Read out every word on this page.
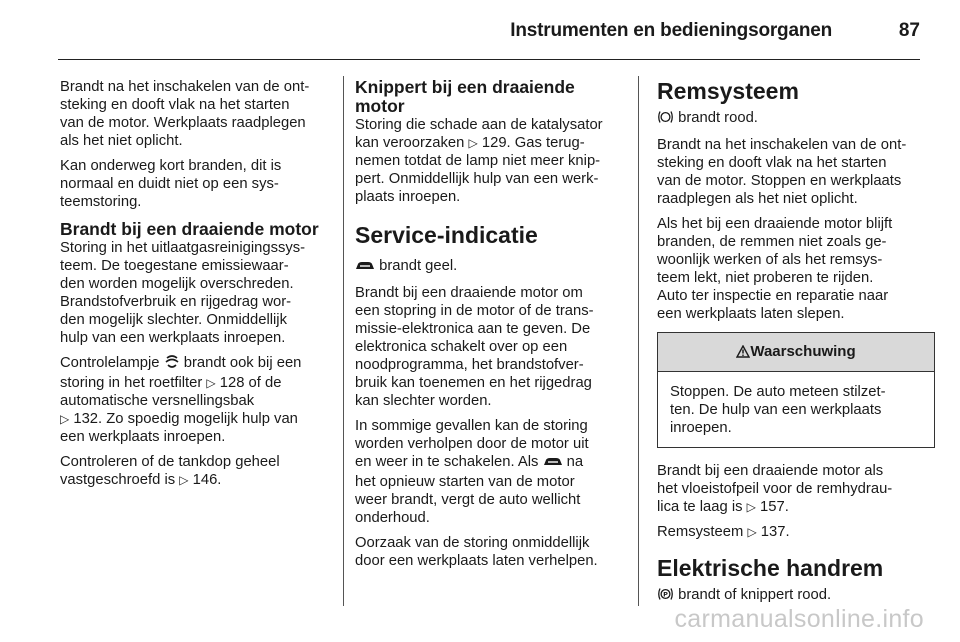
Instrumenten en bedieningsorganen	87

Brandt na het inschakelen van de ont-
steking en dooft vlak na het starten
van de motor. Werkplaats raadplegen
als het niet oplicht.

Kan onderweg kort branden, dit is
normaal en duidt niet op een sys-
teemstoring.

Brandt bij een draaiende motor

Storing in het uitlaatgasreinigingssys-
teem. De toegestane emissiewaar-
den worden mogelijk overschreden.
Brandstofverbruik en rijgedrag wor-
den mogelijk slechter. Onmiddellijk
hulp van een werkplaats inroepen.

Controlelampje  brandt ook bij een
storing in het roetfilter ▷ 128 of de
automatische versnellingsbak
▷ 132. Zo spoedig mogelijk hulp van
een werkplaats inroepen.

Controleren of de tankdop geheel
vastgeschroefd is ▷ 146.

Knippert bij een draaiende
motor

Storing die schade aan de katalysator
kan veroorzaken ▷ 129. Gas terug-
nemen totdat de lamp niet meer knip-
pert. Onmiddellijk hulp van een werk-
plaats inroepen.

Service-indicatie

brandt geel.

Brandt bij een draaiende motor om
een stopring in de motor of de trans-
missie-elektronica aan te geven. De
elektronica schakelt over op een
noodprogramma, het brandstofver-
bruik kan toenemen en het rijgedrag
kan slechter worden.

In sommige gevallen kan de storing
worden verholpen door de motor uit
en weer in te schakelen. Als  na
het opnieuw starten van de motor
weer brandt, vergt de auto wellicht
onderhoud.

Oorzaak van de storing onmiddellijk
door een werkplaats laten verhelpen.

Remsysteem

brandt rood.

Brandt na het inschakelen van de ont-
steking en dooft vlak na het starten
van de motor. Stoppen en werkplaats
raadplegen als het niet oplicht.

Als het bij een draaiende motor blijft
branden, de remmen niet zoals ge-
woonlijk werken of als het remsys-
teem lekt, niet proberen te rijden.
Auto ter inspectie en reparatie naar
een werkplaats laten slepen.

Waarschuwing
Stoppen. De auto meteen stilzet-
ten. De hulp van een werkplaats
inroepen.

Brandt bij een draaiende motor als
het vloeistofpeil voor de remhydrau-
lica te laag is ▷ 157.

Remsysteem ▷ 137.

Elektrische handrem

P brandt of knippert rood.

carmanualsonline.info
